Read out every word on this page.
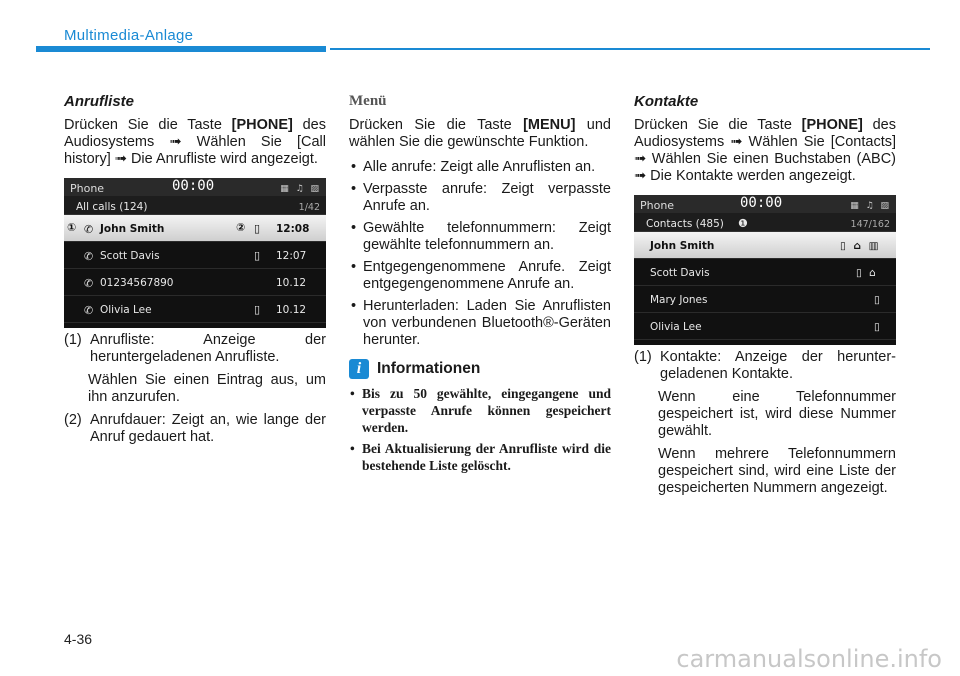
Multimedia-Anlage
Anrufliste

Drücken Sie die Taste [PHONE] des Audiosystems ➟ Wählen Sie [Call history] ➟ Die Anrufliste wird angezeigt.

Phone	00:00	▦ ♫ ▨
All calls (124)	1/42
① ✆ John Smith	② ▯ 12:08
✆ Scott Davis	▯ 12:07
✆ 01234567890	10.12
✆ Olivia Lee	▯ 10.12
(1) Anrufliste: Anzeige der heruntergeladenen Anrufliste.
Wählen Sie einen Eintrag aus, um ihn anzurufen.
(2) Anrufdauer: Zeigt an, wie lange der Anruf gedauert hat.
Menü

Drücken Sie die Taste [MENU] und wählen Sie die gewünschte Funktion.

• Alle anrufe: Zeigt alle Anruflisten an.
• Verpasste anrufe: Zeigt verpasste Anrufe an.
• Gewählte telefonnummern: Zeigt gewählte telefonnummern an.
• Entgegengenommene Anrufe. Zeigt entgegengenommene Anrufe an.
• Herunterladen: Laden Sie Anruflisten von verbundenen Bluetooth®-Geräten herunter.
i	Informationen
• Bis zu 50 gewählte, eingegangene und verpasste Anrufe können gespeichert werden.
• Bei Aktualisierung der Anrufliste wird die bestehende Liste gelöscht.
Kontakte

Drücken Sie die Taste [PHONE] des Audiosystems ➟ Wählen Sie [Contacts] ➟ Wählen Sie einen Buchstaben (ABC) ➟ Die Kontakte werden angezeigt.

Phone	00:00	▦ ♫ ▨
Contacts (485) ❶	147/162
John Smith	▯ ⌂ ▥
Scott Davis	▯ ⌂
Mary Jones	▯
Olivia Lee	▯
(1) Kontakte: Anzeige der herunter-geladenen Kontakte.
Wenn eine Telefonnummer gespeichert ist, wird diese Nummer gewählt.
Wenn mehrere Telefonnummern gespeichert sind, wird eine Liste der gespeicherten Nummern angezeigt.
4-36
carmanualsonline.info
